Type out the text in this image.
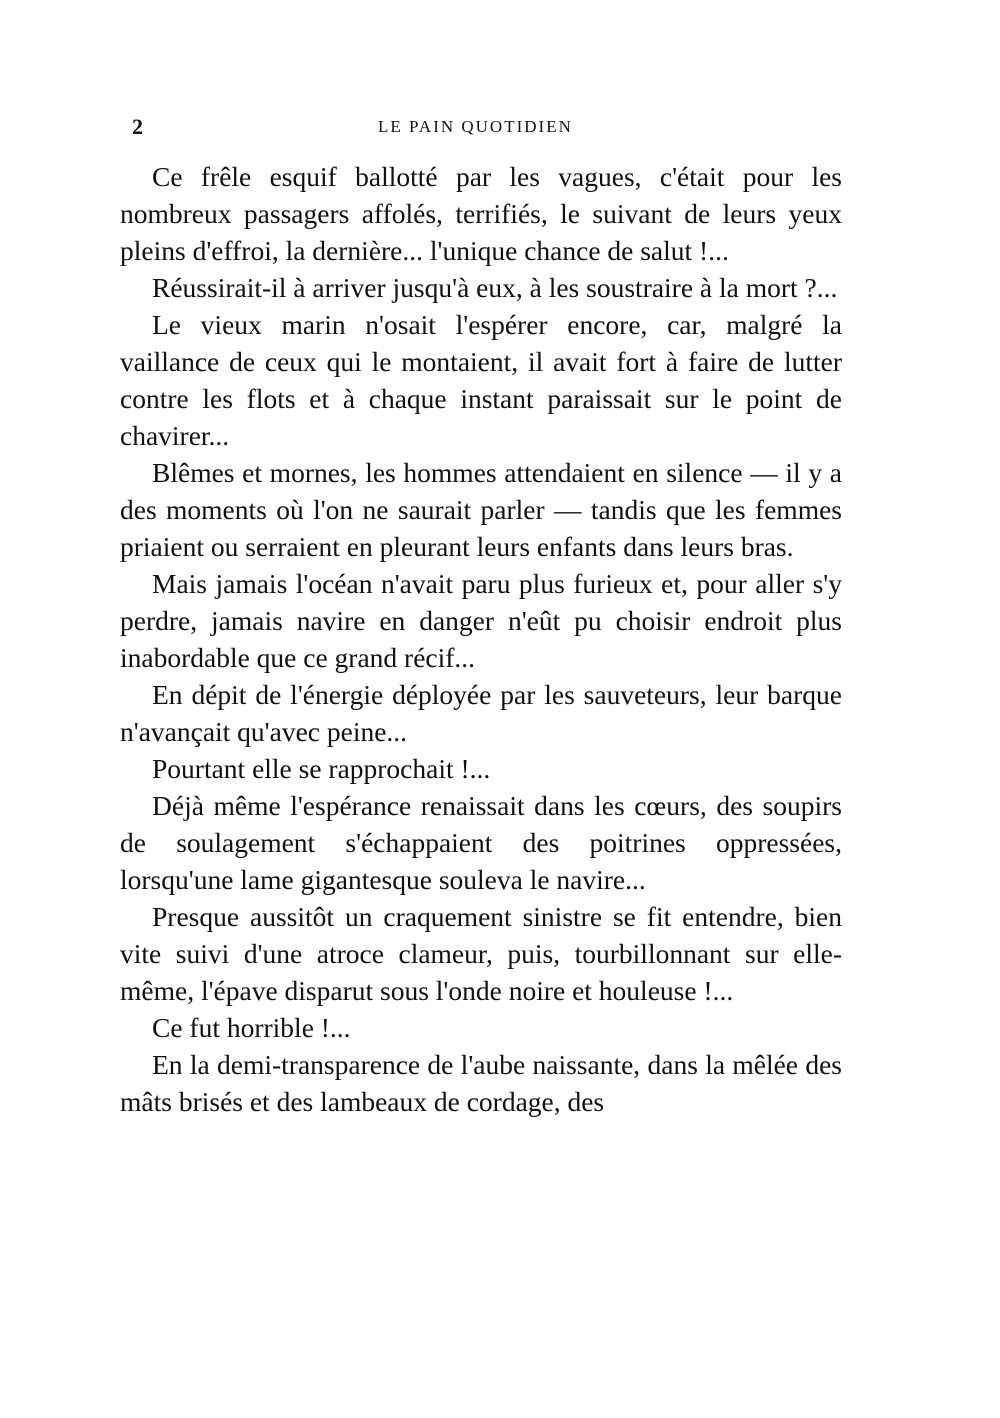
2	LE PAIN QUOTIDIEN

Ce frêle esquif ballotté par les vagues, c'était pour les nombreux passagers affolés, terrifiés, le suivant de leurs yeux pleins d'effroi, la dernière... l'unique chance de salut !...

Réussirait-il à arriver jusqu'à eux, à les soustraire à la mort ?...

Le vieux marin n'osait l'espérer encore, car, malgré la vaillance de ceux qui le montaient, il avait fort à faire de lutter contre les flots et à chaque instant paraissait sur le point de chavirer...

Blêmes et mornes, les hommes attendaient en silence — il y a des moments où l'on ne saurait parler — tandis que les femmes priaient ou serraient en pleurant leurs enfants dans leurs bras.

Mais jamais l'océan n'avait paru plus furieux et, pour aller s'y perdre, jamais navire en danger n'eût pu choisir endroit plus inabordable que ce grand récif...

En dépit de l'énergie déployée par les sauveteurs, leur barque n'avançait qu'avec peine...

Pourtant elle se rapprochait !...

Déjà même l'espérance renaissait dans les cœurs, des soupirs de soulagement s'échappaient des poitrines oppressées, lorsqu'une lame gigantesque souleva le navire...

Presque aussitôt un craquement sinistre se fit entendre, bien vite suivi d'une atroce clameur, puis, tourbillonnant sur elle-même, l'épave disparut sous l'onde noire et houleuse !...

Ce fut horrible !...

En la demi-transparence de l'aube naissante, dans la mêlée des mâts brisés et des lambeaux de cordage, des
